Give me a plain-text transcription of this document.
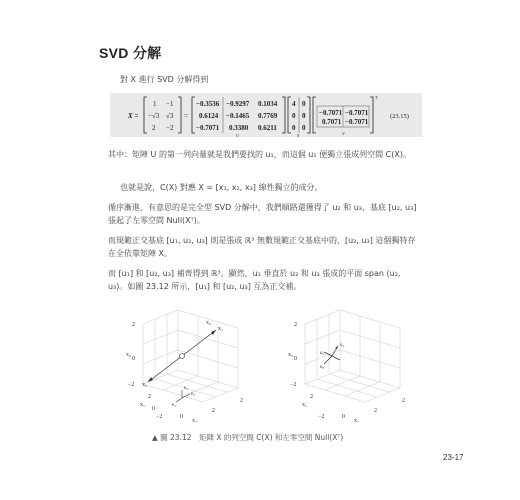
SVD 分解
對 X 進行 SVD 分解得到
X =
1 −1
−√3 √3
2 −2
=
−0.3536 −0.9297 0.1034
0.6124 −0.1465 0.7769
−0.7071 0.3380 0.6211
U
4 0
0 0
0 0
S
−0.7071 −0.7071
0.7071 −0.7071
V
T
(23.15)
其中：矩陣 U 的第一列向量就是我們要找的 u₁，而這個 u₁ 便獨立張成列空間 C(X)。
也就是說，C(X) 對應 X = [x₁, x₂, x₃] 線性獨立的成分。
循序漸進，有意思的是完全型 SVD 分解中，我們順路還獲得了 u₂ 和 u₃，基底 [u₂, u₃] 張起了左零空間 Null(Xᵀ)。
而規範正交基底 [u₁, u₂, u₃] 則是張成 ℝ³ 無數規範正交基底中的，[u₂, u₃] 這個獨特存在全依靠矩陣 X。
而 [u₁] 和 [u₂, u₃] 補齊得到 ℝ³。顯然，u₁ 垂直於 u₂ 和 u₃ 張成的平面 span (u₂, u₃)。如圖 23.12 所示，[u₁] 和 [u₂, u₃] 互為正交補。
x₁
x₃
x₂
e₃
e₂
e₁
2
x₃
0
−2
2
2
x₁
0
−2	0
2
x₂
u₁
u₂
u₃
2
x₃
0
−2
2
2
x₁
−2	0
2
x₂
▲ 圖 23.12　矩陣 X 的列空間 C(X) 和左零空間 Null(Xᵀ)
23-17
